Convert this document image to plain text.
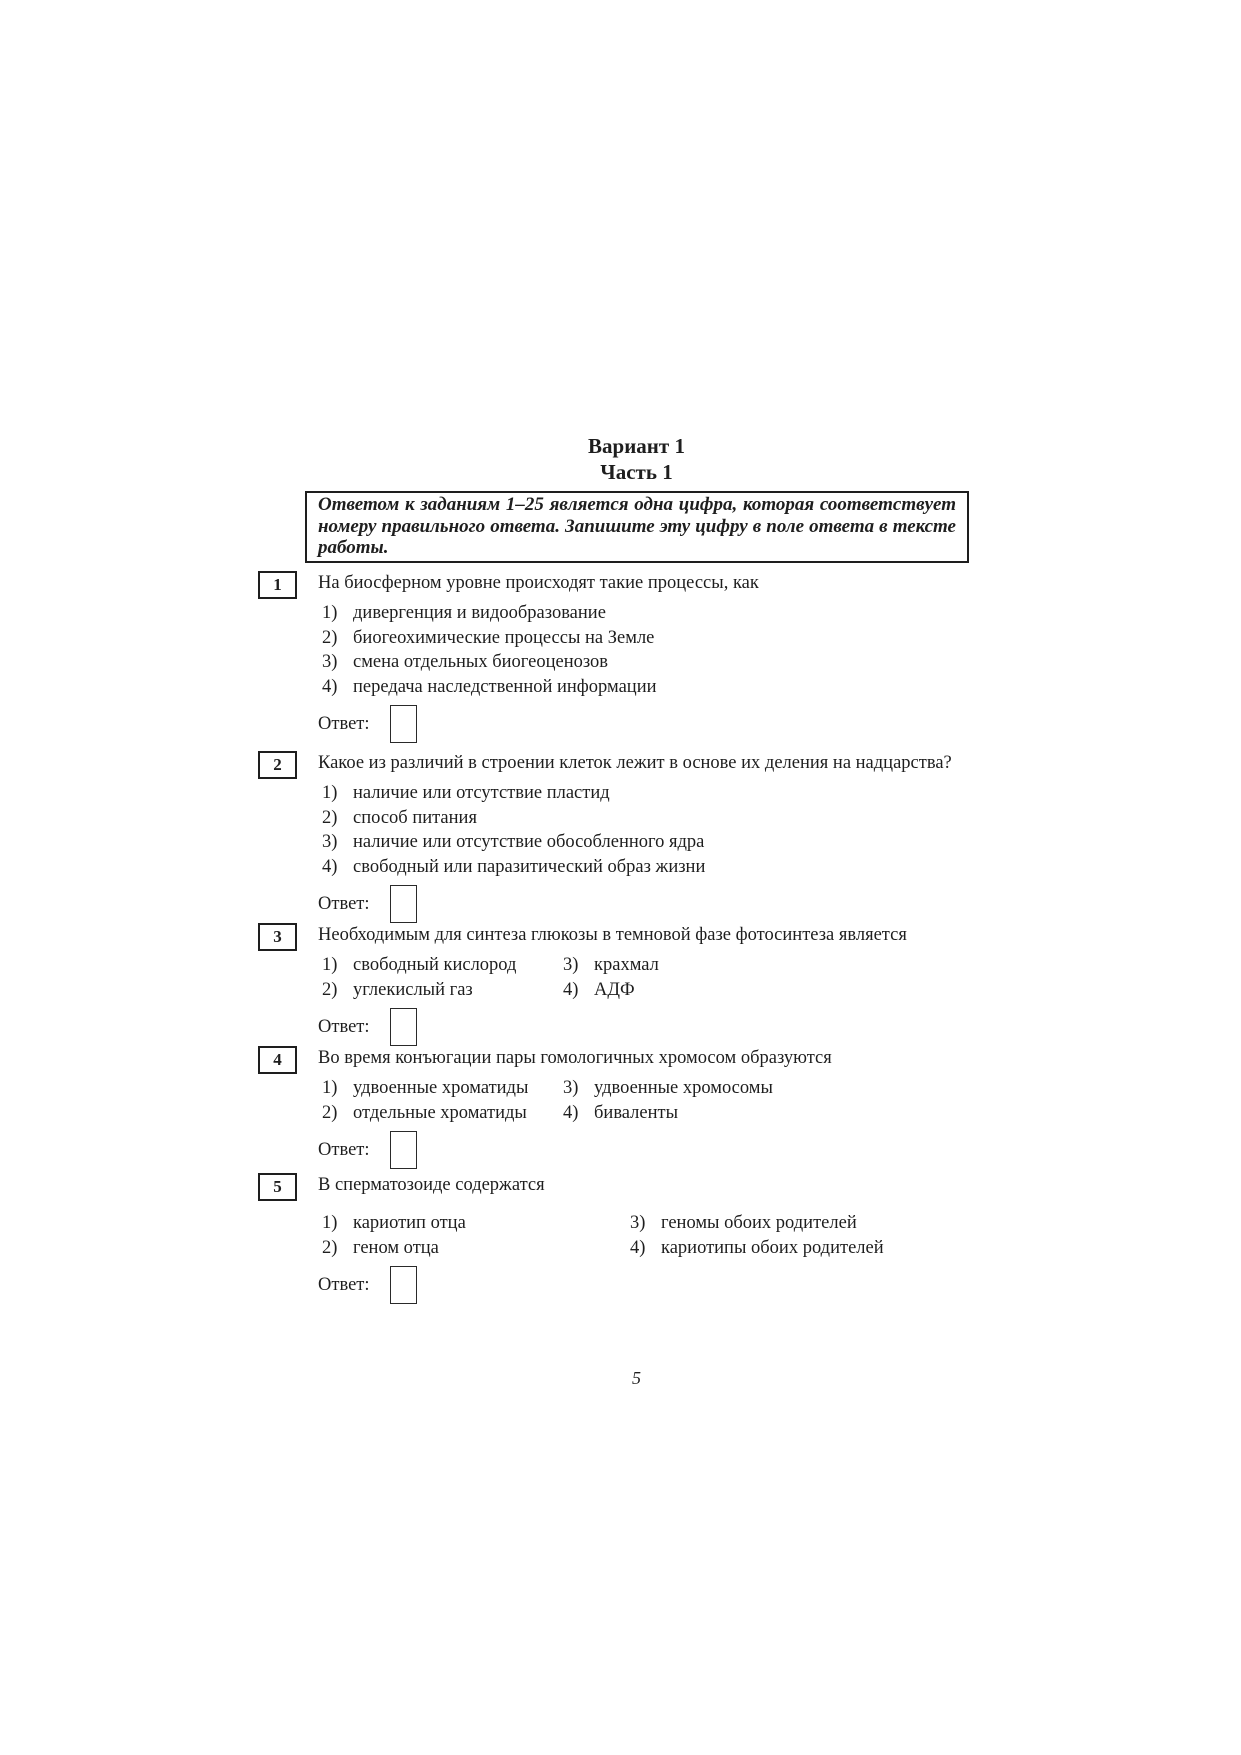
Вариант 1
Часть 1
Ответом к заданиям 1–25 является одна цифра, которая соответствует номеру правильного ответа. Запишите эту цифру в поле ответа в тексте работы.
1 На биосферном уровне происходят такие процессы, как

1) дивергенция и видообразование
2) биогеохимические процессы на Земле
3) смена отдельных биогеоценозов
4) передача наследственной информации
Ответ:
2 Какое из различий в строении клеток лежит в основе их деления на надцарства?

1) наличие или отсутствие пластид
2) способ питания
3) наличие или отсутствие обособленного ядра
4) свободный или паразитический образ жизни
Ответ:
3 Необходимым для синтеза глюкозы в темновой фазе фотосинтеза является

1) свободный кислород
2) углекислый газ
3) крахмал
4) АДФ
Ответ:
4 Во время конъюгации пары гомологичных хромосом образуются

1) удвоенные хроматиды
2) отдельные хроматиды
3) удвоенные хромосомы
4) биваленты
Ответ:
5 В сперматозоиде содержатся

1) кариотип отца
2) геном отца
3) геномы обоих родителей
4) кариотипы обоих родителей
Ответ:
5
